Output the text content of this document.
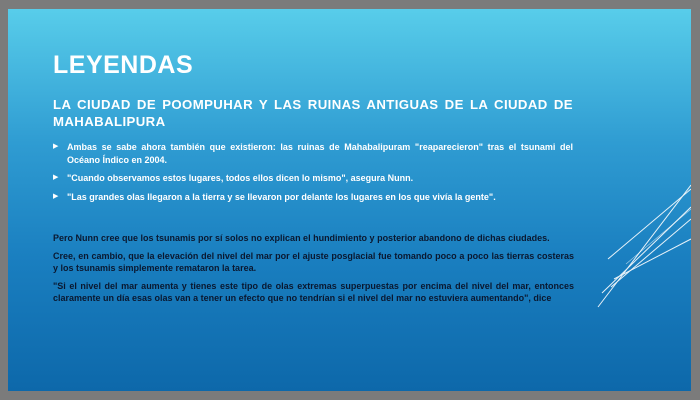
LEYENDAS
LA CIUDAD DE POOMPUHAR Y LAS RUINAS ANTIGUAS DE LA CIUDAD DE MAHABALIPURA
▶ Ambas se sabe ahora también que existieron: las ruinas de Mahabalipuram "reaparecieron" tras el tsunami del Océano Índico en 2004.
▶ "Cuando observamos estos lugares, todos ellos dicen lo mismo", asegura Nunn.
▶ "Las grandes olas llegaron a la tierra y se llevaron por delante los lugares en los que vivía la gente".
Pero Nunn cree que los tsunamis por sí solos no explican el hundimiento y posterior abandono de dichas ciudades.
Cree, en cambio, que la elevación del nivel del mar por el ajuste posglacial fue tomando poco a poco las tierras costeras y los tsunamis simplemente remataron la tarea.
"Si el nivel del mar aumenta y tienes este tipo de olas extremas superpuestas por encima del nivel del mar, entonces claramente un día esas olas van a tener un efecto que no tendrían si el nivel del mar no estuviera aumentando", dice
